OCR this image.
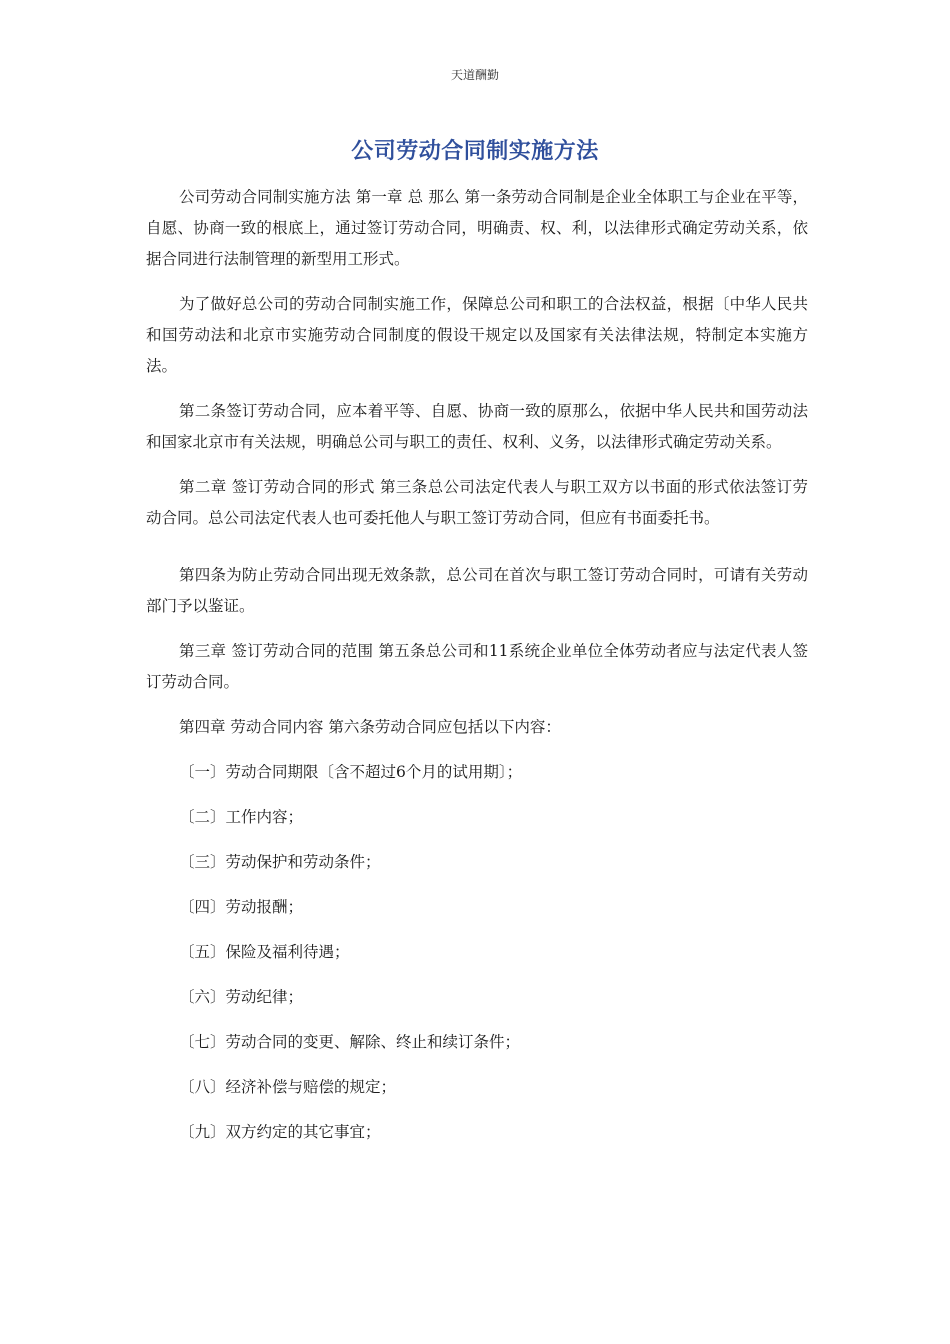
天道酬勤
公司劳动合同制实施方法

公司劳动合同制实施方法 第一章 总 那么 第一条劳动合同制是企业全体职工与企业在平等，自愿、协商一致的根底上，通过签订劳动合同，明确责、权、利，以法律形式确定劳动关系，依据合同进行法制管理的新型用工形式。

为了做好总公司的劳动合同制实施工作，保障总公司和职工的合法权益，根据〔中华人民共和国劳动法和北京市实施劳动合同制度的假设干规定以及国家有关法律法规，特制定本实施方法。

第二条签订劳动合同，应本着平等、自愿、协商一致的原那么，依据中华人民共和国劳动法和国家北京市有关法规，明确总公司与职工的责任、权利、义务，以法律形式确定劳动关系。

第二章 签订劳动合同的形式 第三条总公司法定代表人与职工双方以书面的形式依法签订劳动合同。总公司法定代表人也可委托他人与职工签订劳动合同，但应有书面委托书。

第四条为防止劳动合同出现无效条款，总公司在首次与职工签订劳动合同时，可请有关劳动部门予以鉴证。

第三章 签订劳动合同的范围 第五条总公司和11系统企业单位全体劳动者应与法定代表人签订劳动合同。

第四章 劳动合同内容 第六条劳动合同应包括以下内容：

〔一〕劳动合同期限〔含不超过6个月的试用期〕；
〔二〕工作内容；
〔三〕劳动保护和劳动条件；
〔四〕劳动报酬；
〔五〕保险及福利待遇；
〔六〕劳动纪律；
〔七〕劳动合同的变更、解除、终止和续订条件；
〔八〕经济补偿与赔偿的规定；
〔九〕双方约定的其它事宜；
